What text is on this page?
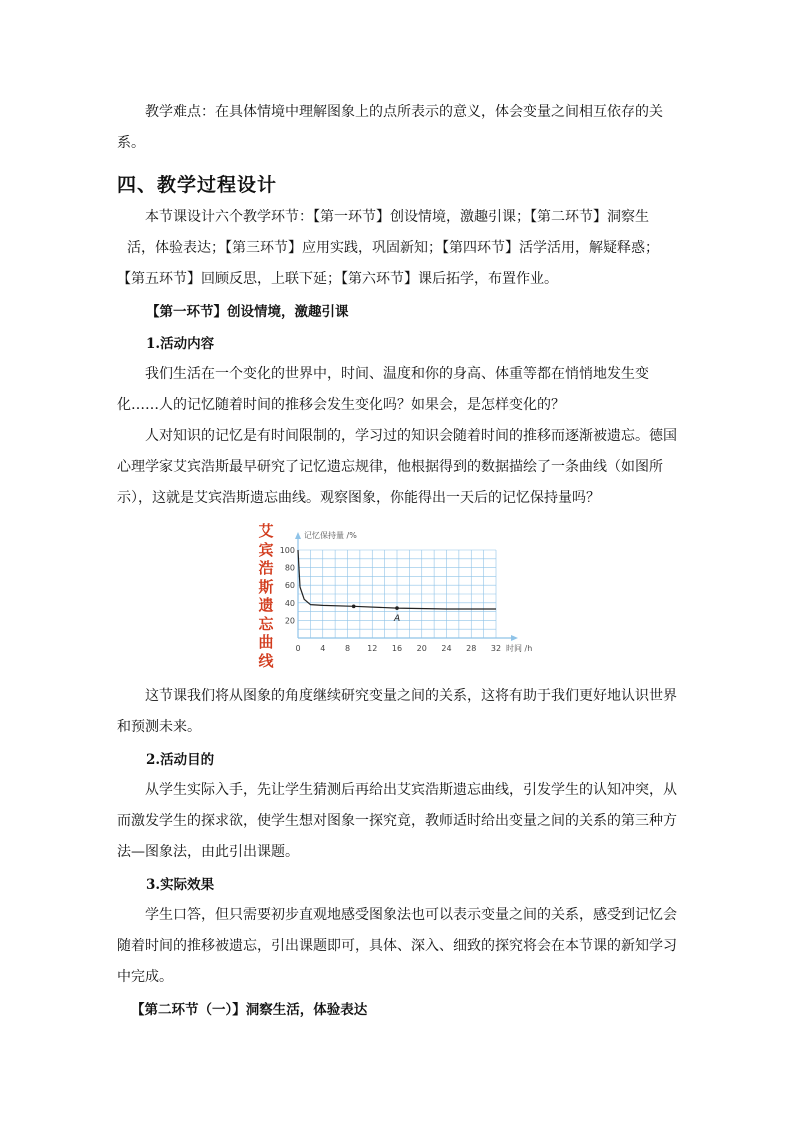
教学难点：在具体情境中理解图象上的点所表示的意义，体会变量之间相互依存的关

系。

四、教学过程设计

本节课设计六个教学环节：【第一环节】创设情境，激趣引课；【第二环节】洞察生

活，体验表达；【第三环节】应用实践，巩固新知；【第四环节】活学活用，解疑释惑；

【第五环节】回顾反思，上联下延；【第六环节】课后拓学，布置作业。

【第一环节】创设情境，激趣引课
1.活动内容

我们生活在一个变化的世界中，时间、温度和你的身高、体重等都在悄悄地发生变

化……人的记忆随着时间的推移会发生变化吗？如果会，是怎样变化的？

人对知识的记忆是有时间限制的，学习过的知识会随着时间的推移而逐渐被遗忘。德国

心理学家艾宾浩斯最早研究了记忆遗忘规律，他根据得到的数据描绘了一条曲线（如图所

示），这就是艾宾浩斯遗忘曲线。观察图象，你能得出一天后的记忆保持量吗？

艾
宾
浩
斯
遗
忘
曲
线
0 4 8 12 16 20 24 28 32
20
40
60
80
100
记忆保持量 /%
时间 /h
A

这节课我们将从图象的角度继续研究变量之间的关系，这将有助于我们更好地认识世界

和预测未来。

2.活动目的

从学生实际入手，先让学生猜测后再给出艾宾浩斯遗忘曲线，引发学生的认知冲突，从

而激发学生的探求欲，使学生想对图象一探究竟，教师适时给出变量之间的关系的第三种方

法—图象法，由此引出课题。

3.实际效果

学生口答，但只需要初步直观地感受图象法也可以表示变量之间的关系，感受到记忆会

随着时间的推移被遗忘，引出课题即可，具体、深入、细致的探究将会在本节课的新知学习

中完成。

【第二环节（一）】洞察生活，体验表达
